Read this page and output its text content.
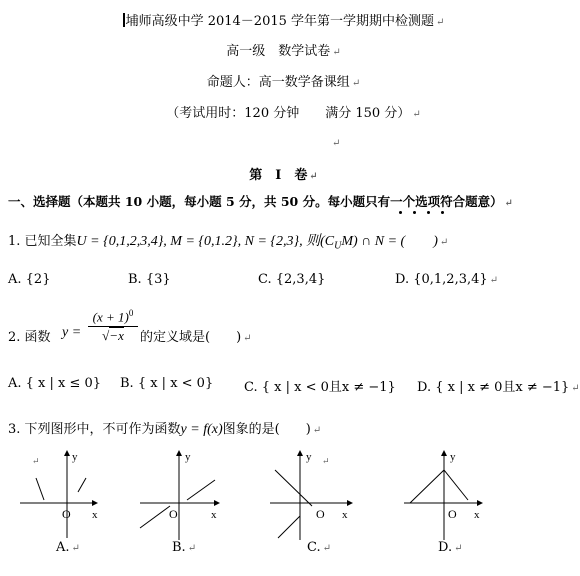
埔师高级中学 2014－2015 学年第一学期期中检测题 ↵
高一级　数学试卷 ↵
命题人：高一数学备课组 ↵
（考试用时：120 分钟　　满分 150 分） ↵
↵
第　I　卷 ↵
一、选择题（本题共 10 小题，每小题 5 分，共 50 分。每小题只有一个选项符合题意） ↵
1. 已知全集U = {0,1,2,3,4}, M = {0,1.2}, N = {2,3}, 则$(C_UM)$ ∩ N = (　　) ↵
A. {2}	B. {3}	C. {2,3,4}	D. {0,1,2,3,4} ↵
2. 函数 y =
$(x + 1)^0$
√−x	的定义域是(　　) ↵
A. { x | x ≤ 0} B. { x | x < 0} C. { x | x < 0且x ≠ −1} D. { x | x ≠ 0且x ≠ −1} ↵
3. 下列图形中，不可作为函数y = f(x)图象的是(　　) ↵
y
x
O
↵
A. ↵
y
x
O
B. ↵
y
x
O
↵
C. ↵
y
x
O
D. ↵
